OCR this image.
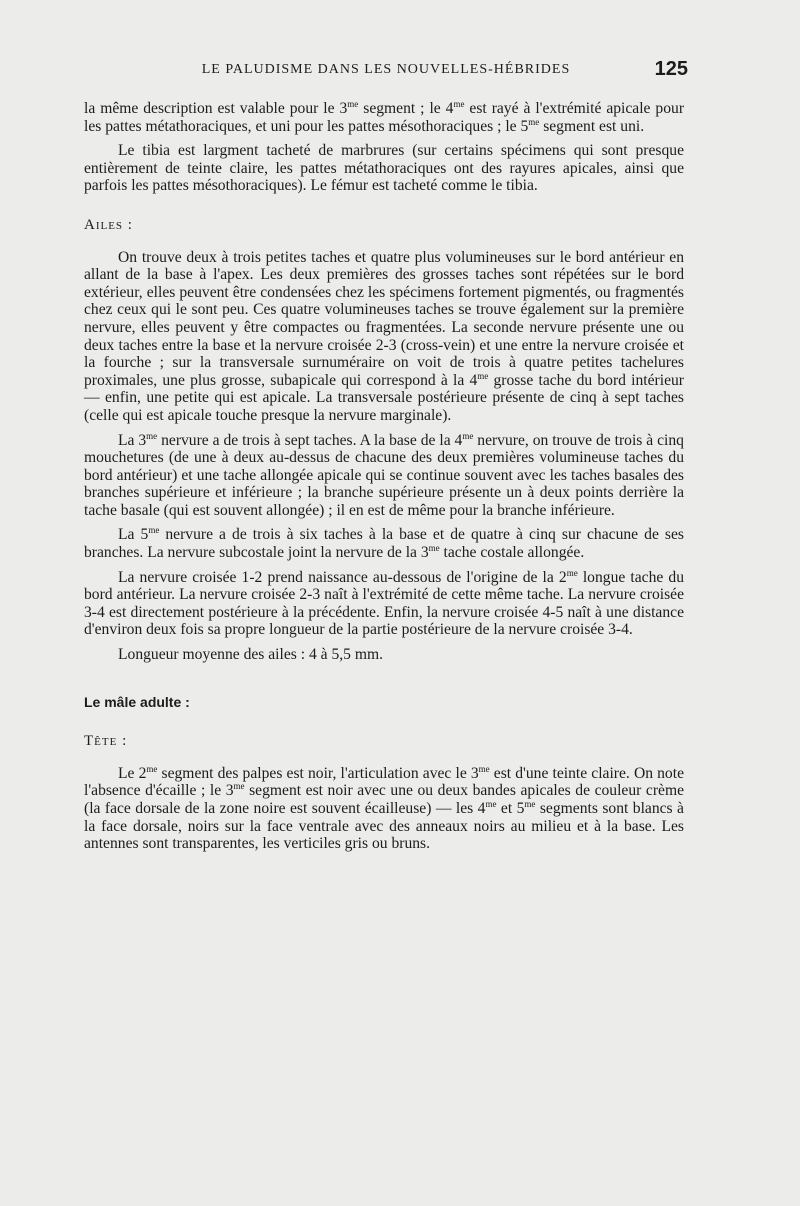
LE PALUDISME DANS LES NOUVELLES-HÉBRIDES	125

la même description est valable pour le $3^{me}$ segment ; le $4^{me}$ est rayé à l'extrémité apicale pour les pattes métathoraciques, et uni pour les pattes mésothoraciques ; le $5^{me}$ segment est uni.

Le tibia est largment tacheté de marbrures (sur certains spécimens qui sont presque entièrement de teinte claire, les pattes métathoraciques ont des rayures apicales, ainsi que parfois les pattes mésothoraciques). Le fémur est tacheté comme le tibia.

Ailes :

On trouve deux à trois petites taches et quatre plus volumineuses sur le bord antérieur en allant de la base à l'apex. Les deux premières des grosses taches sont répétées sur le bord extérieur, elles peuvent être condensées chez les spécimens fortement pigmentés, ou fragmentés chez ceux qui le sont peu. Ces quatre volumineuses taches se trouve également sur la première nervure, elles peuvent y être compactes ou fragmentées. La seconde nervure présente une ou deux taches entre la base et la nervure croisée 2-3 (cross-vein) et une entre la nervure croisée et la fourche ; sur la transversale surnuméraire on voit de trois à quatre petites tachelures proximales, une plus grosse, subapicale qui correspond à la $4^{me}$ grosse tache du bord intérieur — enfin, une petite qui est apicale. La transversale postérieure présente de cinq à sept taches (celle qui est apicale touche presque la nervure marginale).

La $3^{me}$ nervure a de trois à sept taches. A la base de la $4^{me}$ nervure, on trouve de trois à cinq mouchetures (de une à deux au-dessus de chacune des deux premières volumineuse taches du bord antérieur) et une tache allongée apicale qui se continue souvent avec les taches basales des branches supérieure et inférieure ; la branche supérieure présente un à deux points derrière la tache basale (qui est souvent allongée) ; il en est de même pour la branche inférieure.

La $5^{me}$ nervure a de trois à six taches à la base et de quatre à cinq sur chacune de ses branches. La nervure subcostale joint la nervure de la $3^{me}$ tache costale allongée.

La nervure croisée 1-2 prend naissance au-dessous de l'origine de la $2^{me}$ longue tache du bord antérieur. La nervure croisée 2-3 naît à l'extrémité de cette même tache. La nervure croisée 3-4 est directement postérieure à la précédente. Enfin, la nervure croisée 4-5 naît à une distance d'environ deux fois sa propre longueur de la partie postérieure de la nervure croisée 3-4.

Longueur moyenne des ailes : 4 à 5,5 mm.

Le mâle adulte :
Tête :

Le $2^{me}$ segment des palpes est noir, l'articulation avec le $3^{me}$ est d'une teinte claire. On note l'absence d'écaille ; le $3^{me}$ segment est noir avec une ou deux bandes apicales de couleur crème (la face dorsale de la zone noire est souvent écailleuse) — les $4^{me}$ et $5^{me}$ segments sont blancs à la face dorsale, noirs sur la face ventrale avec des anneaux noirs au milieu et à la base. Les antennes sont transparentes, les verticiles gris ou bruns.
